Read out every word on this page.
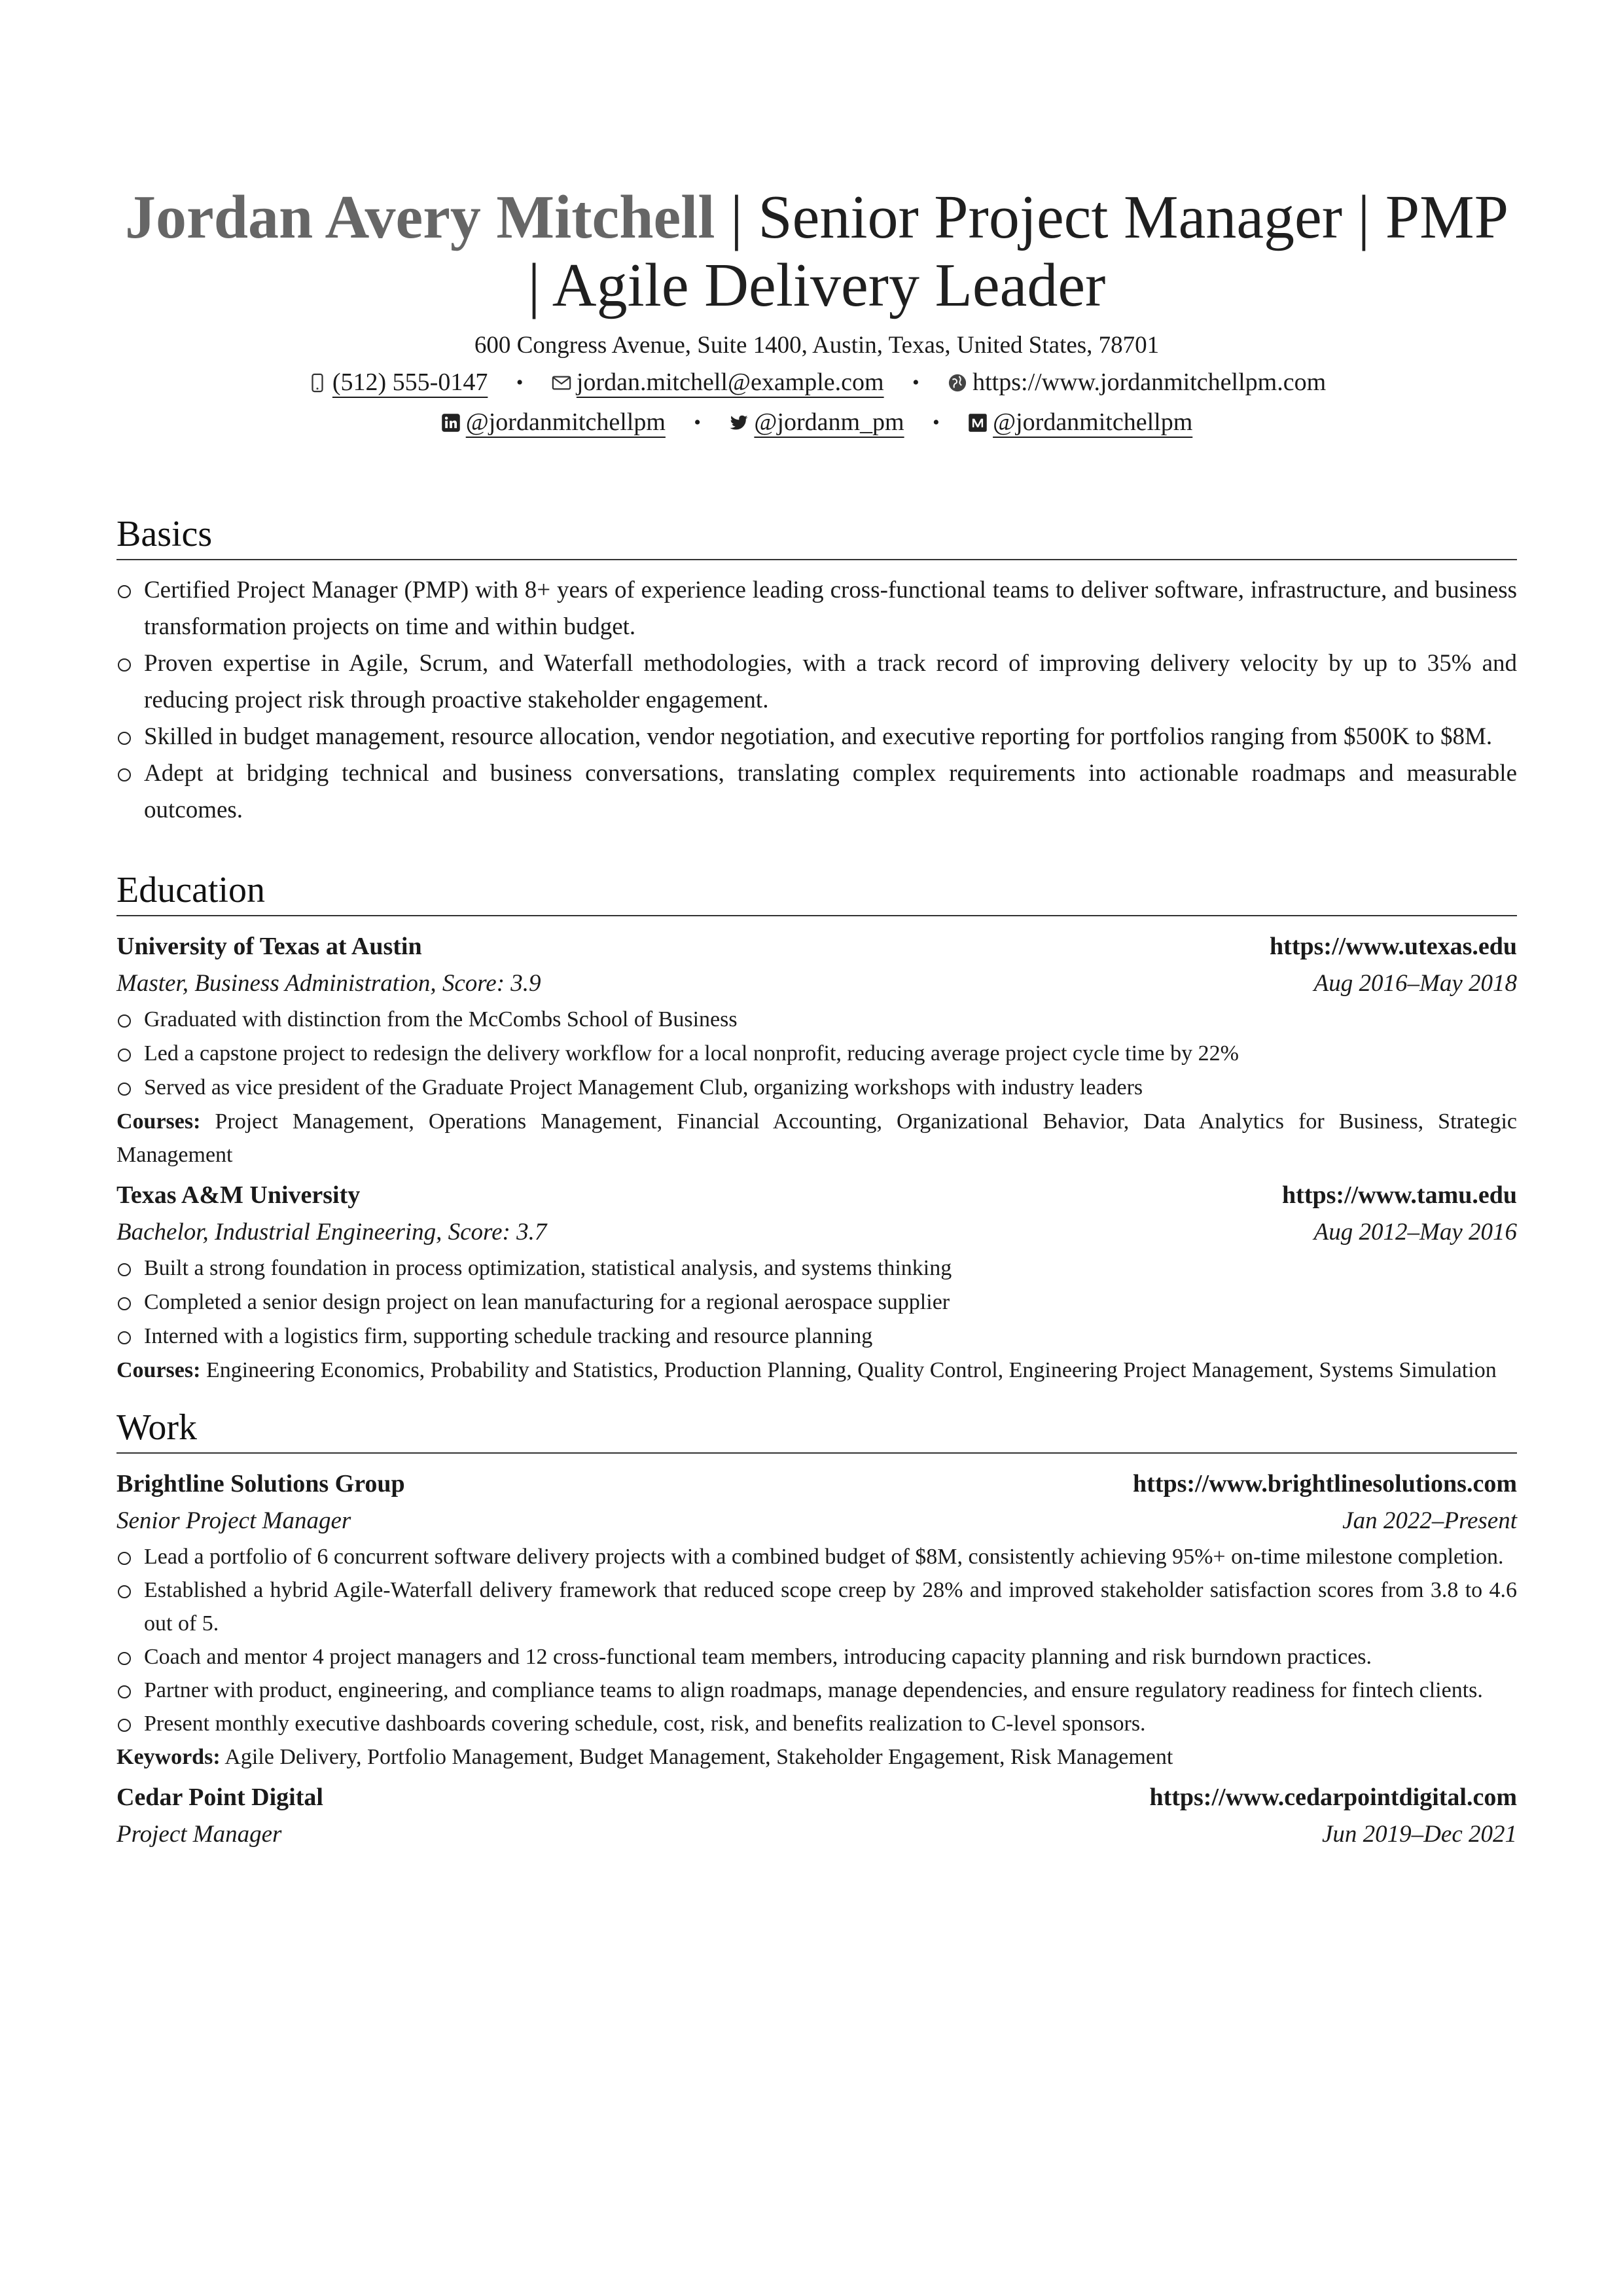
Jordan Avery Mitchell | Senior Project Manager | PMP | Agile Delivery Leader
600 Congress Avenue, Suite 1400, Austin, Texas, United States, 78701
(512) 555-0147 • jordan.mitchell@example.com • https://www.jordanmitchellpm.com
@jordanmitchellpm • @jordanm_pm • @jordanmitchellpm
Basics
Certified Project Manager (PMP) with 8+ years of experience leading cross-functional teams to deliver software, infrastructure, and business transformation projects on time and within budget.
Proven expertise in Agile, Scrum, and Waterfall methodologies, with a track record of improving delivery velocity by up to 35% and reducing project risk through proactive stakeholder engagement.
Skilled in budget management, resource allocation, vendor negotiation, and executive reporting for portfolios ranging from $500K to $8M.
Adept at bridging technical and business conversations, translating complex requirements into actionable roadmaps and measurable outcomes.
Education
University of Texas at Austin	https://www.utexas.edu
Master, Business Administration, Score: 3.9	Aug 2016–May 2018
Graduated with distinction from the McCombs School of Business
Led a capstone project to redesign the delivery workflow for a local nonprofit, reducing average project cycle time by 22%
Served as vice president of the Graduate Project Management Club, organizing workshops with industry leaders
Courses: Project Management, Operations Management, Financial Accounting, Organizational Behavior, Data Analytics for Business, Strategic Management
Texas A&M University	https://www.tamu.edu
Bachelor, Industrial Engineering, Score: 3.7	Aug 2012–May 2016
Built a strong foundation in process optimization, statistical analysis, and systems thinking
Completed a senior design project on lean manufacturing for a regional aerospace supplier
Interned with a logistics firm, supporting schedule tracking and resource planning
Courses: Engineering Economics, Probability and Statistics, Production Planning, Quality Control, Engineering Project Management, Systems Simulation
Work
Brightline Solutions Group	https://www.brightlinesolutions.com
Senior Project Manager	Jan 2022–Present
Lead a portfolio of 6 concurrent software delivery projects with a combined budget of $8M, consistently achieving 95%+ on-time milestone completion.
Established a hybrid Agile-Waterfall delivery framework that reduced scope creep by 28% and improved stakeholder satisfaction scores from 3.8 to 4.6 out of 5.
Coach and mentor 4 project managers and 12 cross-functional team members, introducing capacity planning and risk burndown practices.
Partner with product, engineering, and compliance teams to align roadmaps, manage dependencies, and ensure regulatory readiness for fintech clients.
Present monthly executive dashboards covering schedule, cost, risk, and benefits realization to C-level sponsors.
Keywords: Agile Delivery, Portfolio Management, Budget Management, Stakeholder Engagement, Risk Management
Cedar Point Digital	https://www.cedarpointdigital.com
Project Manager	Jun 2019–Dec 2021
